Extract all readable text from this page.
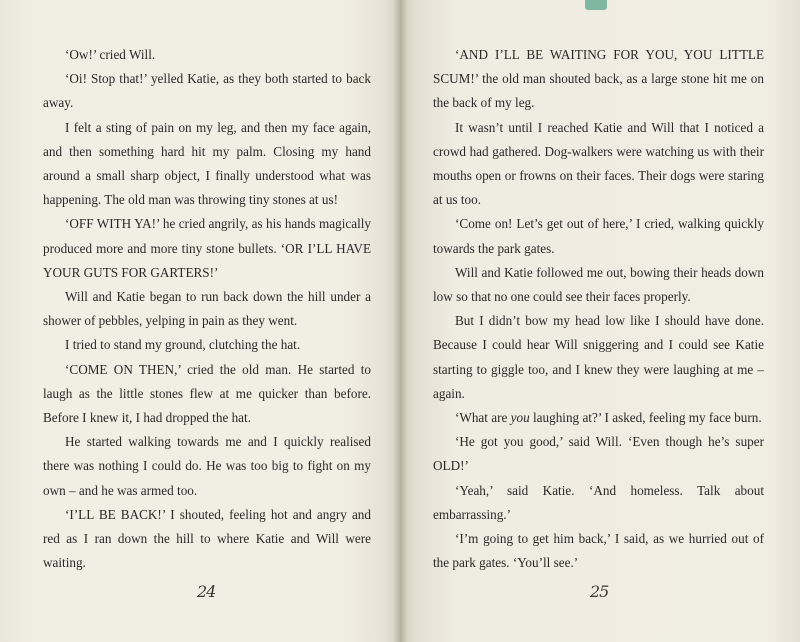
‘Ow!’ cried Will.

‘Oi! Stop that!’ yelled Katie, as they both started to back away.

I felt a sting of pain on my leg, and then my face again, and then something hard hit my palm. Closing my hand around a small sharp object, I finally understood what was happening. The old man was throwing tiny stones at us!

‘OFF WITH YA!’ he cried angrily, as his hands magically produced more and more tiny stone bullets. ‘OR I’LL HAVE YOUR GUTS FOR GARTERS!’

Will and Katie began to run back down the hill under a shower of pebbles, yelping in pain as they went.

I tried to stand my ground, clutching the hat.

‘COME ON THEN,’ cried the old man. He started to laugh as the little stones flew at me quicker than before. Before I knew it, I had dropped the hat.

He started walking towards me and I quickly realised there was nothing I could do. He was too big to fight on my own – and he was armed too.

‘I’LL BE BACK!’ I shouted, feeling hot and angry and red as I ran down the hill to where Katie and Will were waiting.

24

‘AND I’LL BE WAITING FOR YOU, YOU LITTLE SCUM!’ the old man shouted back, as a large stone hit me on the back of my leg.

It wasn’t until I reached Katie and Will that I noticed a crowd had gathered. Dog-walkers were watching us with their mouths open or frowns on their faces. Their dogs were staring at us too.

‘Come on! Let’s get out of here,’ I cried, walking quickly towards the park gates.

Will and Katie followed me out, bowing their heads down low so that no one could see their faces properly.

But I didn’t bow my head low like I should have done. Because I could hear Will sniggering and I could see Katie starting to giggle too, and I knew they were laughing at me – again.

‘What are you laughing at?’ I asked, feeling my face burn.

‘He got you good,’ said Will. ‘Even though he’s super OLD!’

‘Yeah,’ said Katie. ‘And homeless. Talk about embarrassing.’

‘I’m going to get him back,’ I said, as we hurried out of the park gates. ‘You’ll see.’

25
